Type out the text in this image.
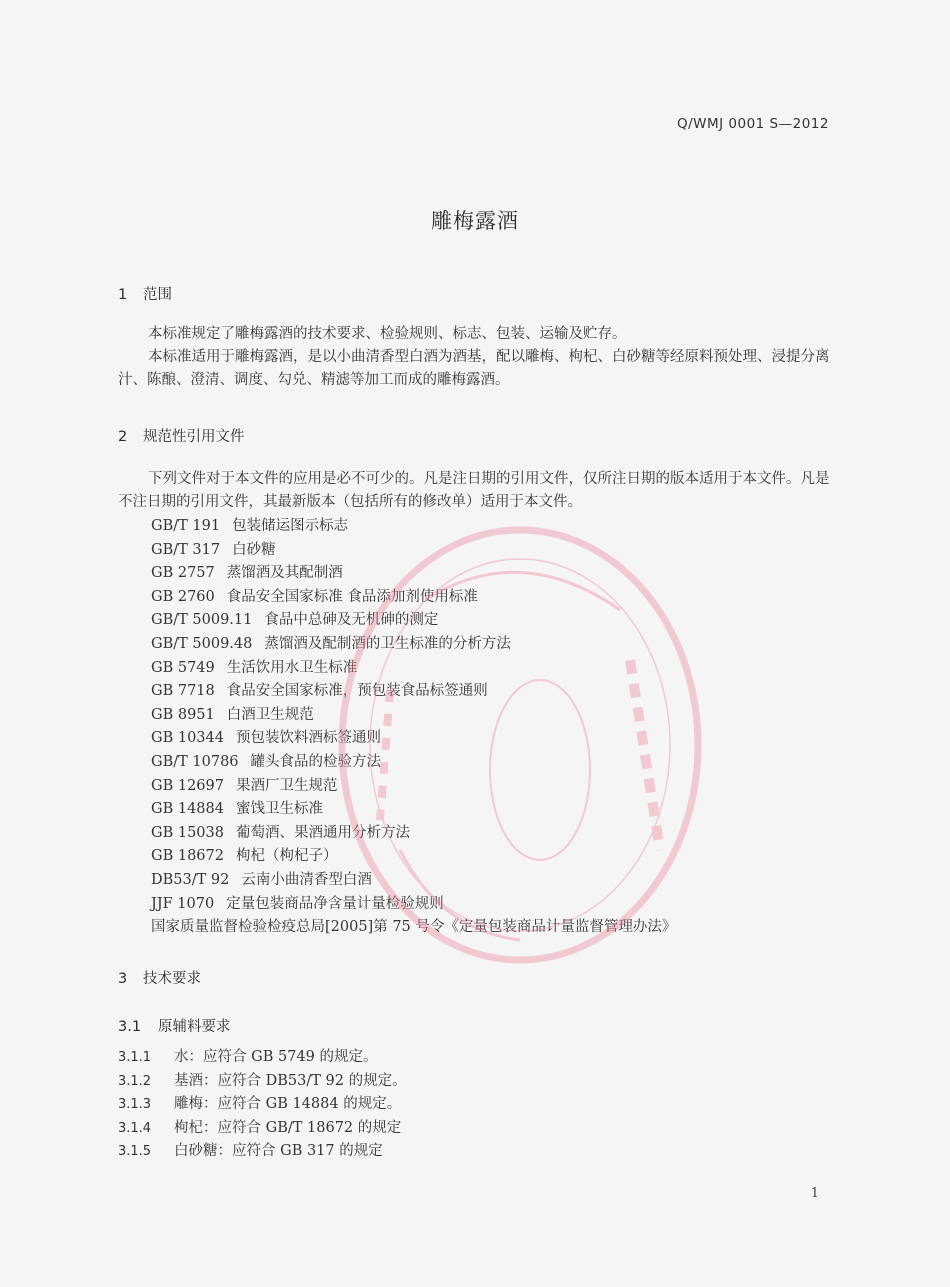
Q/WMJ 0001 S—2012
雕梅露酒
1 范围

本标准规定了雕梅露酒的技术要求、检验规则、标志、包装、运输及贮存。

本标准适用于雕梅露酒，是以小曲清香型白酒为酒基，配以雕梅、枸杞、白砂糖等经原料预处理、浸提分离汁、陈酿、澄清、调度、勾兑、精滤等加工而成的雕梅露酒。

2 规范性引用文件

下列文件对于本文件的应用是必不可少的。凡是注日期的引用文件，仅所注日期的版本适用于本文件。凡是不注日期的引用文件，其最新版本（包括所有的修改单）适用于本文件。

GB/T 191 包装储运图示标志
GB/T 317 白砂糖
GB 2757 蒸馏酒及其配制酒
GB 2760 食品安全国家标准 食品添加剂使用标准
GB/T 5009.11 食品中总砷及无机砷的测定
GB/T 5009.48 蒸馏酒及配制酒的卫生标准的分析方法
GB 5749 生活饮用水卫生标准
GB 7718 食品安全国家标准，预包装食品标签通则
GB 8951 白酒卫生规范
GB 10344 预包装饮料酒标签通则
GB/T 10786 罐头食品的检验方法
GB 12697 果酒厂卫生规范
GB 14884 蜜饯卫生标准
GB 15038 葡萄酒、果酒通用分析方法
GB 18672 枸杞（枸杞子）
DB53/T 92 云南小曲清香型白酒
JJF 1070 定量包装商品净含量计量检验规则
国家质量监督检验检疫总局[2005]第 75 号令《定量包装商品计量监督管理办法》
3 技术要求
3.1 原辅料要求
3.1.1 水：应符合 GB 5749 的规定。
3.1.2 基酒：应符合 DB53/T 92 的规定。
3.1.3 雕梅：应符合 GB 14884 的规定。
3.1.4 枸杞：应符合 GB/T 18672 的规定
3.1.5 白砂糖：应符合 GB 317 的规定
1
